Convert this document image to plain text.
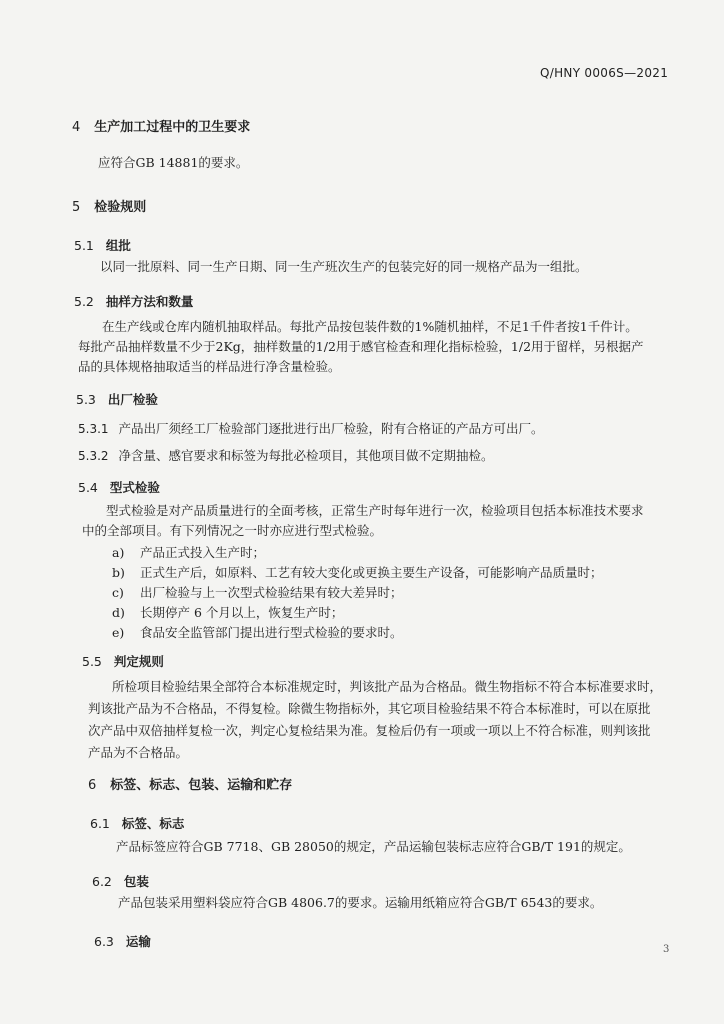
Q/HNY 0006S—2021
4 生产加工过程中的卫生要求
应符合GB 14881的要求。
5 检验规则
5.1 组批
以同一批原料、同一生产日期、同一生产班次生产的包装完好的同一规格产品为一组批。
5.2 抽样方法和数量
在生产线或仓库内随机抽取样品。每批产品按包装件数的1%随机抽样，不足1千件者按1千件计。
每批产品抽样数量不少于2Kg，抽样数量的1/2用于感官检查和理化指标检验，1/2用于留样，另根据产
品的具体规格抽取适当的样品进行净含量检验。
5.3 出厂检验
5.3.1 产品出厂须经工厂检验部门逐批进行出厂检验，附有合格证的产品方可出厂。
5.3.2 净含量、感官要求和标签为每批必检项目，其他项目做不定期抽检。
5.4 型式检验
型式检验是对产品质量进行的全面考核，正常生产时每年进行一次，检验项目包括本标准技术要求
中的全部项目。有下列情况之一时亦应进行型式检验。
a) 产品正式投入生产时；
b) 正式生产后，如原料、工艺有较大变化或更换主要生产设备，可能影响产品质量时；
c) 出厂检验与上一次型式检验结果有较大差异时；
d) 长期停产 6 个月以上，恢复生产时；
e) 食品安全监管部门提出进行型式检验的要求时。
5.5 判定规则
所检项目检验结果全部符合本标准规定时，判该批产品为合格品。微生物指标不符合本标准要求时，
判该批产品为不合格品，不得复检。除微生物指标外，其它项目检验结果不符合本标准时，可以在原批
次产品中双倍抽样复检一次，判定心复检结果为准。复检后仍有一项或一项以上不符合标准，则判该批
产品为不合格品。
6 标签、标志、包装、运输和贮存
6.1 标签、标志
产品标签应符合GB 7718、GB 28050的规定，产品运输包装标志应符合GB/T 191的规定。
6.2 包装
产品包装采用塑料袋应符合GB 4806.7的要求。运输用纸箱应符合GB/T 6543的要求。
6.3 运输
3
